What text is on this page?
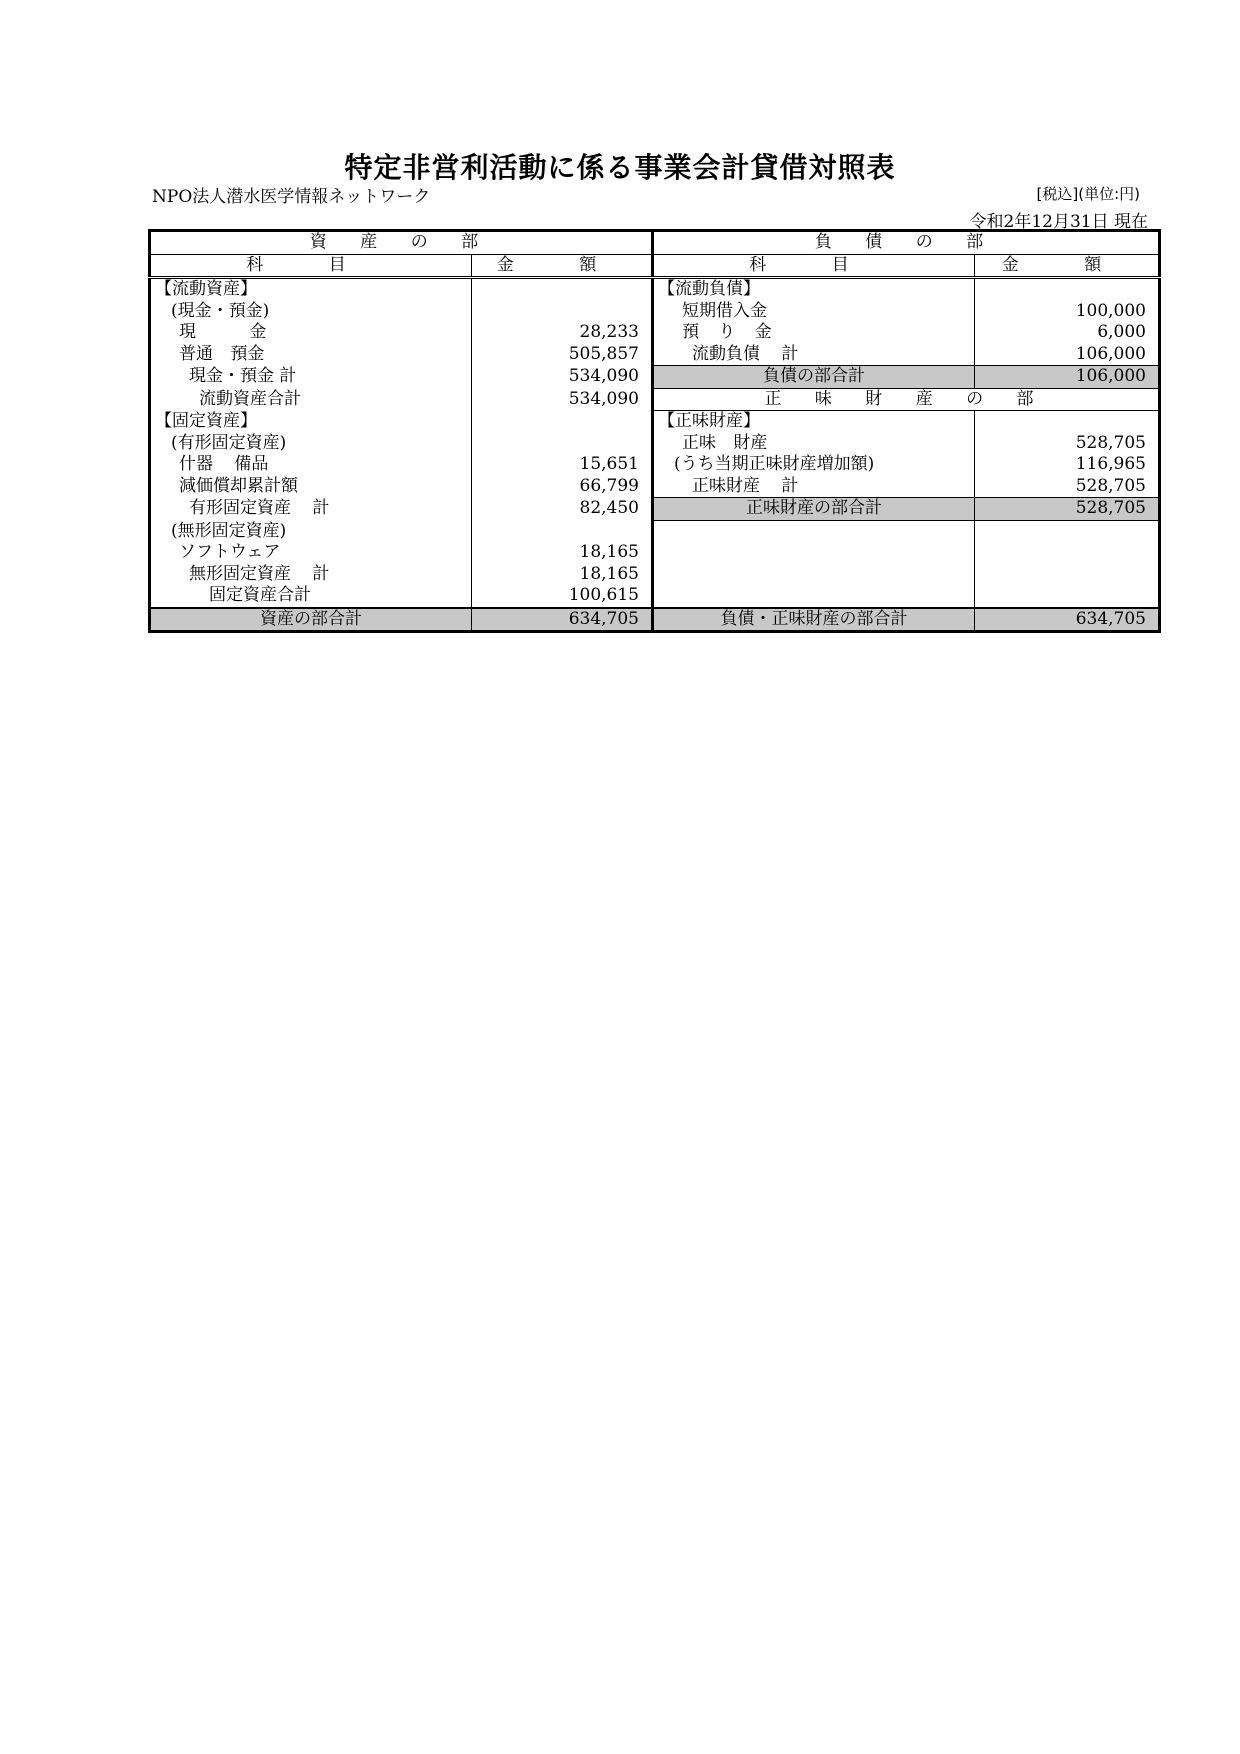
特定非営利活動に係る事業会計貸借対照表
NPO法人潜水医学情報ネットワーク	[税込](単位:円)
令和2年12月31日 現在
資 産 の 部		負 債 の 部	
科 目	金 額	科 目	金 額
【流動資産】		【流動負債】	
(現金・預金)		短期借入金	100,000
現 金	28,233	預 り 金	6,000
普通 預金	505,857	流動負債 計	106,000
現金・預金 計	534,090	負債の部合計	106,000
流動資産合計	534,090	正 味 財 産 の 部	
【固定資産】		【正味財産】	
(有形固定資産)		正味 財産	528,705
什器 備品	15,651	(うち当期正味財産増加額)	116,965
減価償却累計額	66,799	正味財産 計	528,705
有形固定資産 計	82,450	正味財産の部合計	528,705
(無形固定資産)			
ソフトウェア	18,165		
無形固定資産 計	18,165		
固定資産合計	100,615		
資産の部合計	634,705	負債・正味財産の部合計	634,705
